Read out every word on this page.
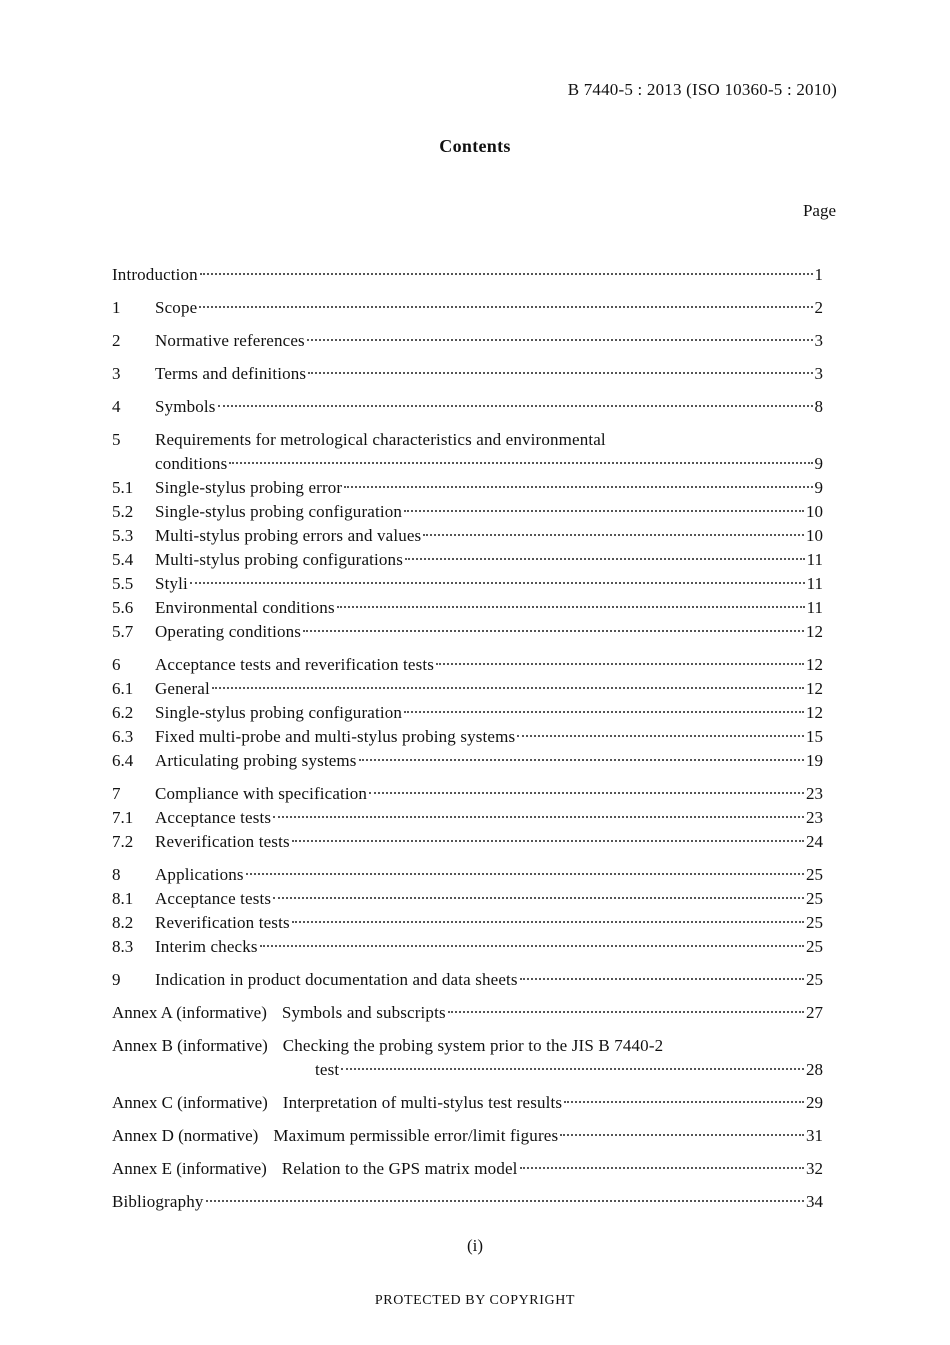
B 7440-5 : 2013 (ISO 10360-5 : 2010)
Contents
Page
Introduction	1
1	Scope	2
2	Normative references	3
3	Terms and definitions	3
4	Symbols	8
5	Requirements for metrological characteristics and environmental
conditions	9
5.1	Single-stylus probing error	9
5.2	Single-stylus probing configuration	10
5.3	Multi-stylus probing errors and values	10
5.4	Multi-stylus probing configurations	11
5.5	Styli	11
5.6	Environmental conditions	11
5.7	Operating conditions	12
6	Acceptance tests and reverification tests	12
6.1	General	12
6.2	Single-stylus probing configuration	12
6.3	Fixed multi-probe and multi-stylus probing systems	15
6.4	Articulating probing systems	19
7	Compliance with specification	23
7.1	Acceptance tests	23
7.2	Reverification tests	24
8	Applications	25
8.1	Acceptance tests	25
8.2	Reverification tests	25
8.3	Interim checks	25
9	Indication in product documentation and data sheets	25
Annex A (informative) Symbols and subscripts	27
Annex B (informative) Checking the probing system prior to the JIS B 7440-2
test	28
Annex C (informative) Interpretation of multi-stylus test results	29
Annex D (normative) Maximum permissible error/limit figures	31
Annex E (informative) Relation to the GPS matrix model	32
Bibliography	34
(i)
PROTECTED BY COPYRIGHT
